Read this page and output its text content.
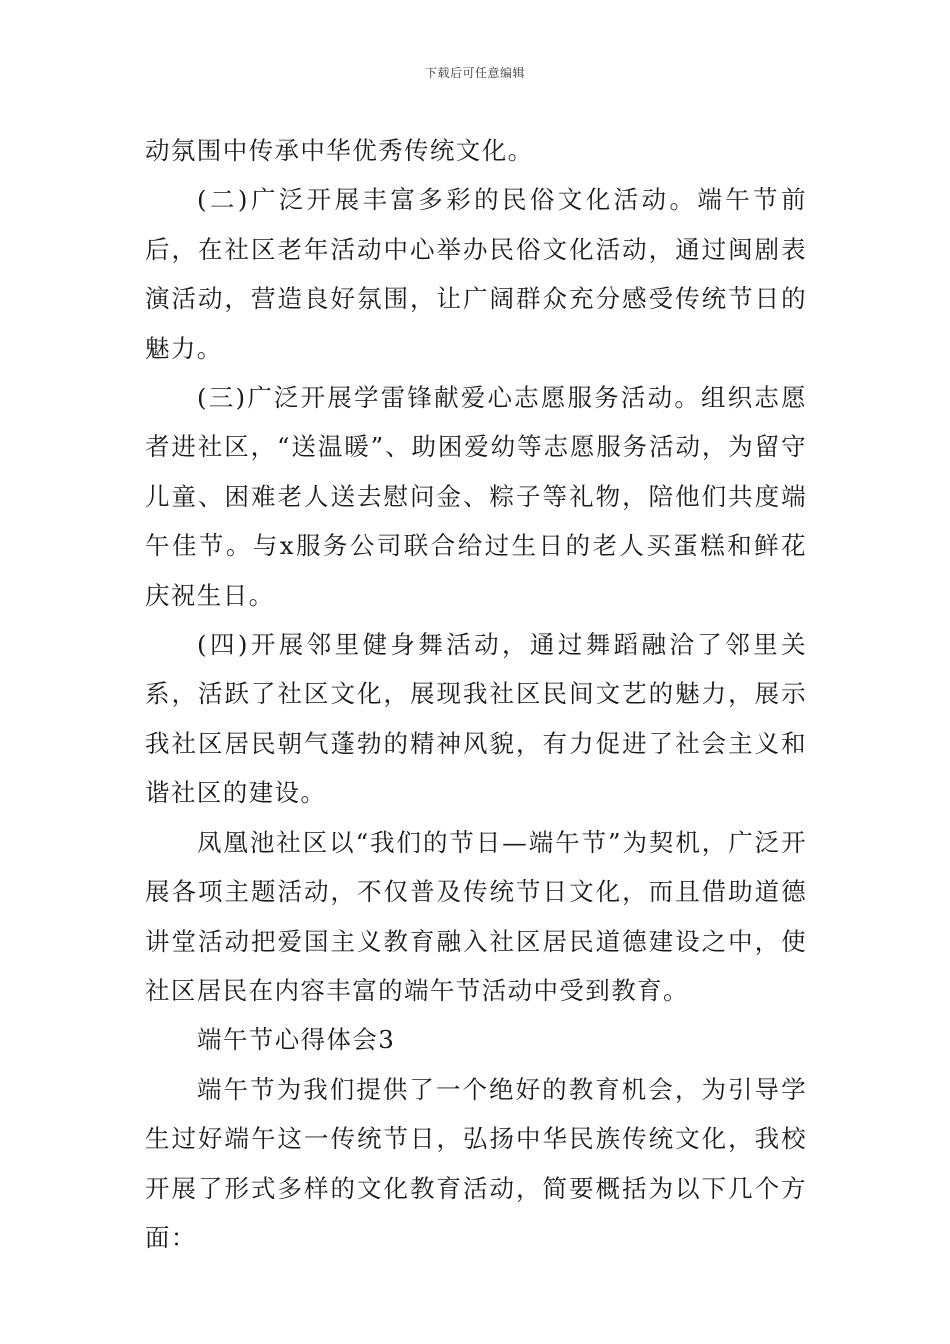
下载后可任意编辑

动氛围中传承中华优秀传统文化。

(二)广泛开展丰富多彩的民俗文化活动。端午节前后，在社区老年活动中心举办民俗文化活动，通过闽剧表演活动，营造良好氛围，让广阔群众充分感受传统节日的魅力。

(三)广泛开展学雷锋献爱心志愿服务活动。组织志愿者进社区，“送温暖”、助困爱幼等志愿服务活动，为留守儿童、困难老人送去慰问金、粽子等礼物，陪他们共度端午佳节。与x服务公司联合给过生日的老人买蛋糕和鲜花庆祝生日。

(四)开展邻里健身舞活动，通过舞蹈融洽了邻里关系，活跃了社区文化，展现我社区民间文艺的魅力，展示我社区居民朝气蓬勃的精神风貌，有力促进了社会主义和谐社区的建设。

凤凰池社区以“我们的节日—端午节”为契机，广泛开展各项主题活动，不仅普及传统节日文化，而且借助道德讲堂活动把爱国主义教育融入社区居民道德建设之中，使社区居民在内容丰富的端午节活动中受到教育。

端午节心得体会3

端午节为我们提供了一个绝好的教育机会，为引导学生过好端午这一传统节日，弘扬中华民族传统文化，我校开展了形式多样的文化教育活动，简要概括为以下几个方面：
